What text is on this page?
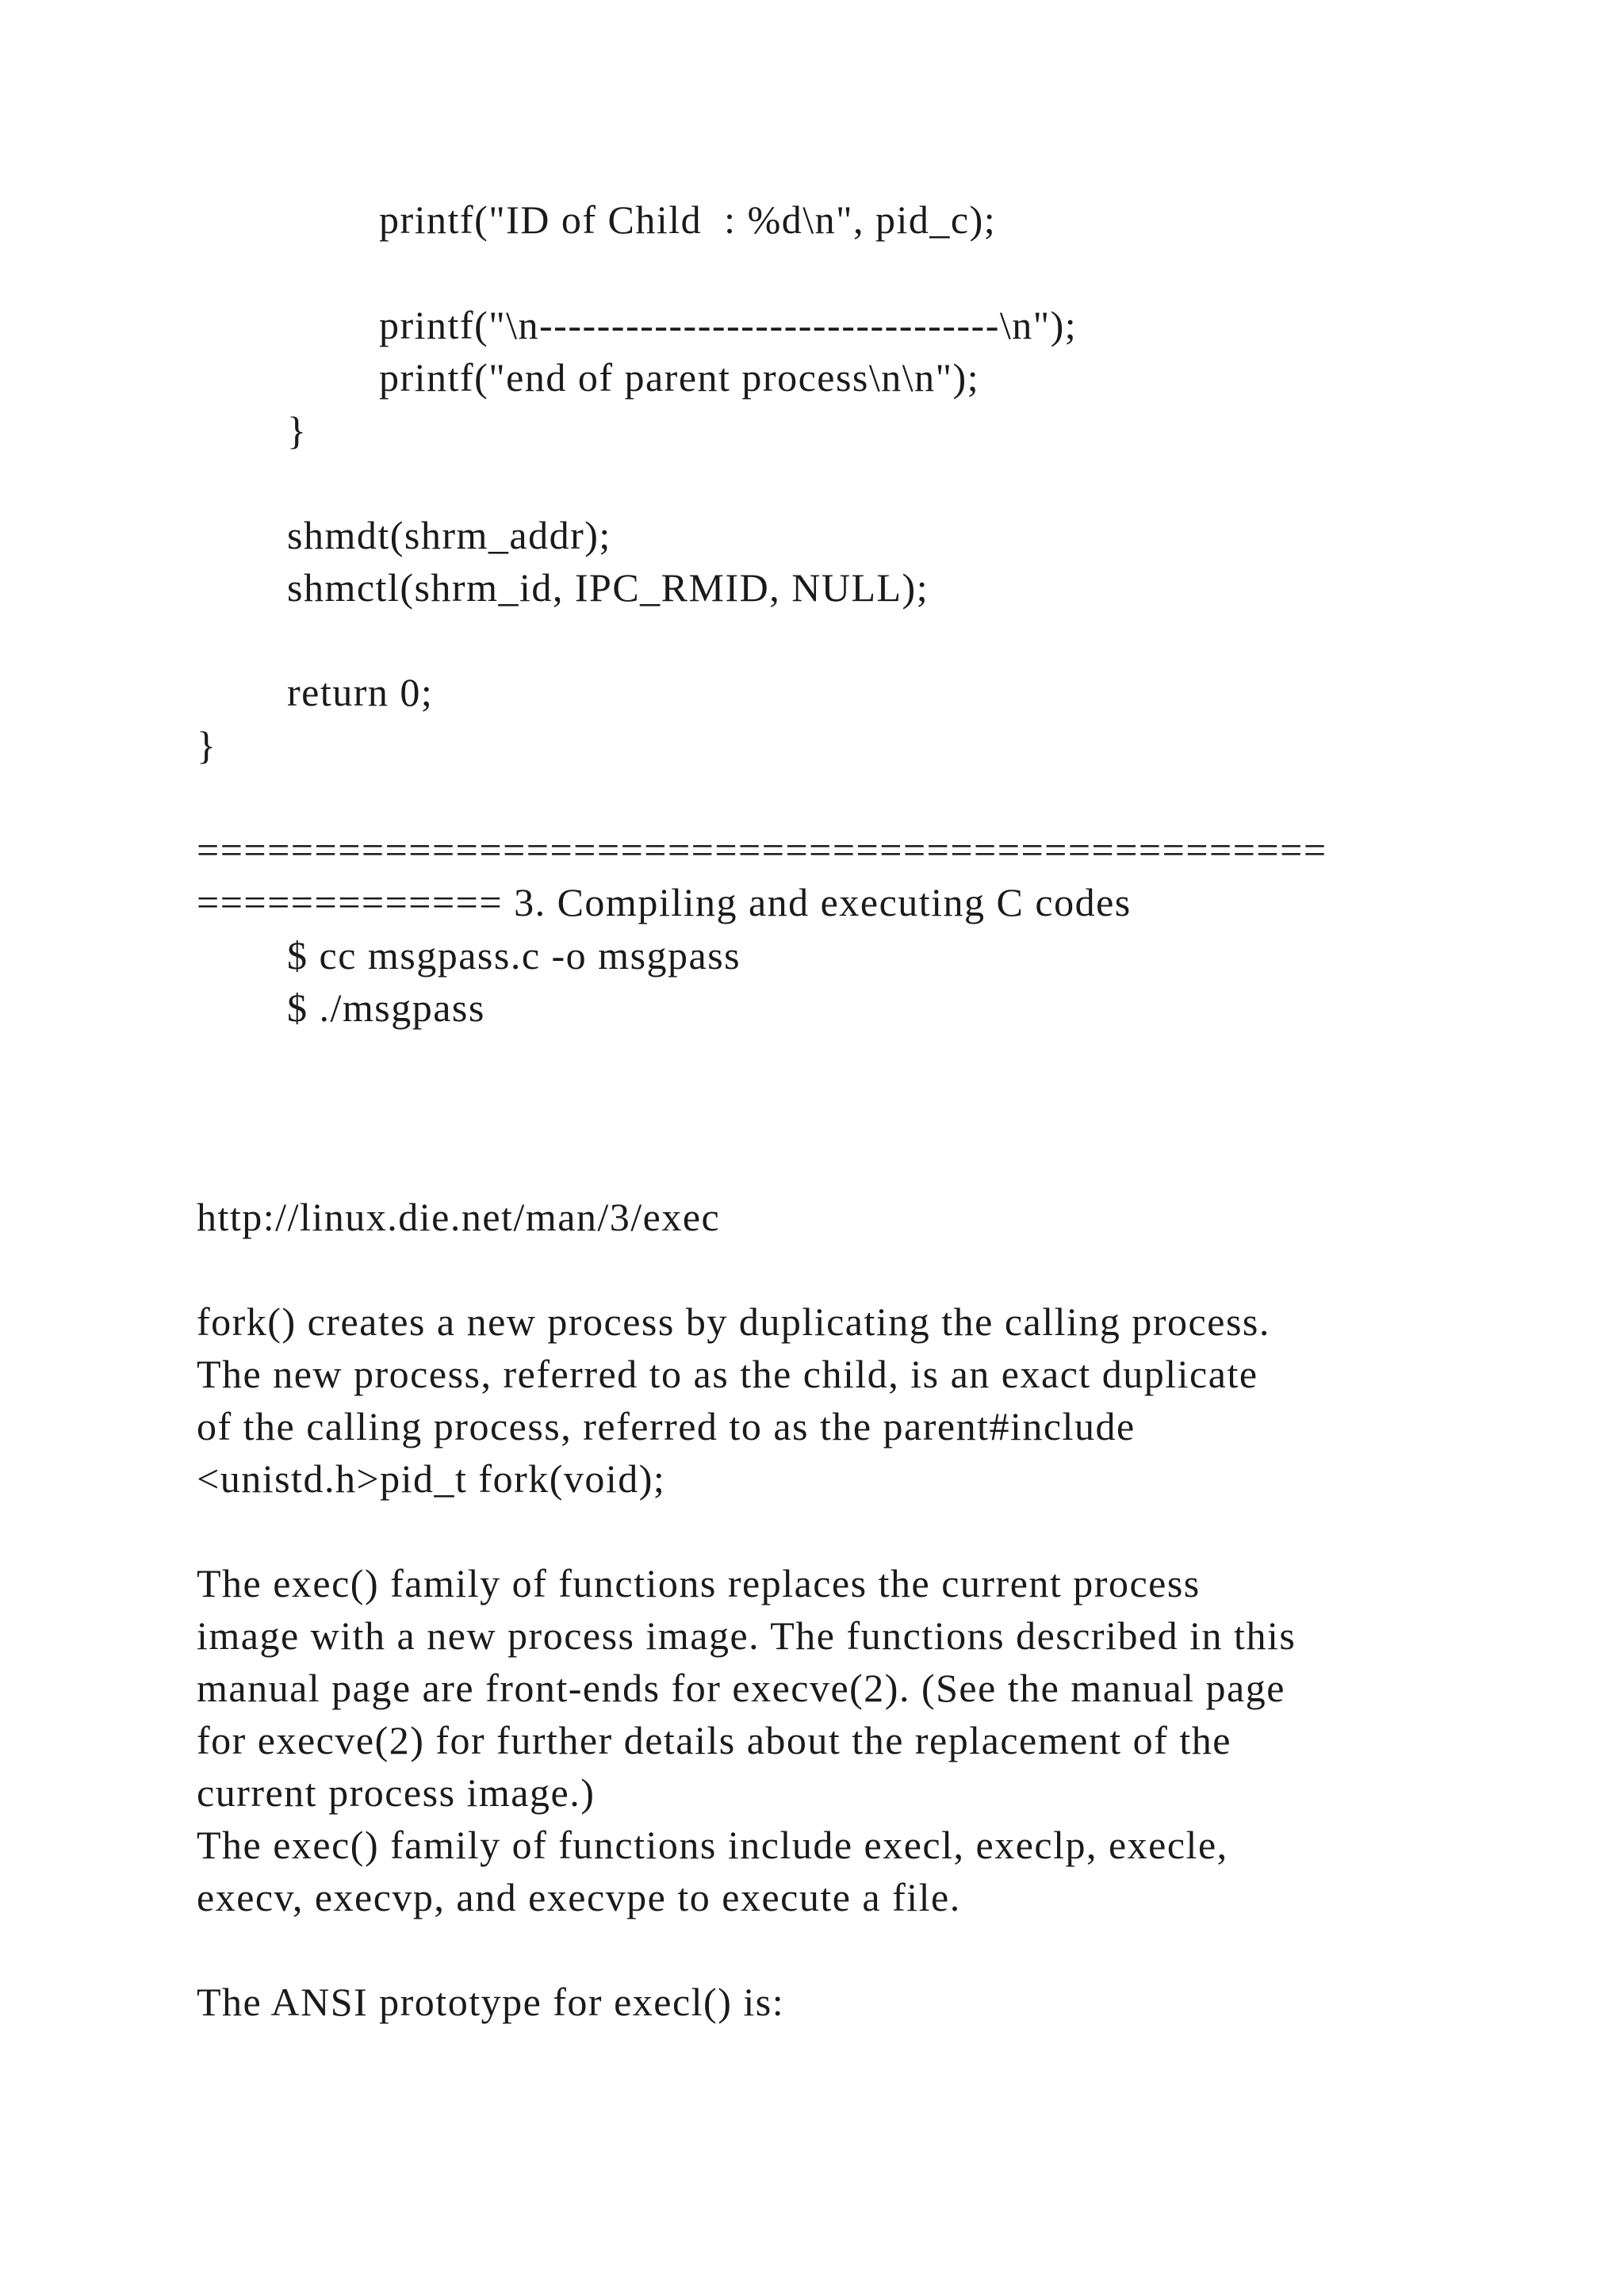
printf("ID of Child  : %d\n", pid_c);
printf("\n--------------------------------\n");
printf("end of parent process\n\n");
}
shmdt(shrm_addr);
shmctl(shrm_id, IPC_RMID, NULL);
return 0;
}
================================================
============= 3. Compiling and executing C codes
$ cc msgpass.c -o msgpass
$ ./msgpass
http://linux.die.net/man/3/exec
fork() creates a new process by duplicating the calling process.
The new process, referred to as the child, is an exact duplicate
of the calling process, referred to as the parent#include
<unistd.h>pid_t fork(void);
The exec() family of functions replaces the current process
image with a new process image. The functions described in this
manual page are front-ends for execve(2). (See the manual page
for execve(2) for further details about the replacement of the
current process image.)
The exec() family of functions include execl, execlp, execle,
execv, execvp, and execvpe to execute a file.
The ANSI prototype for execl() is:
